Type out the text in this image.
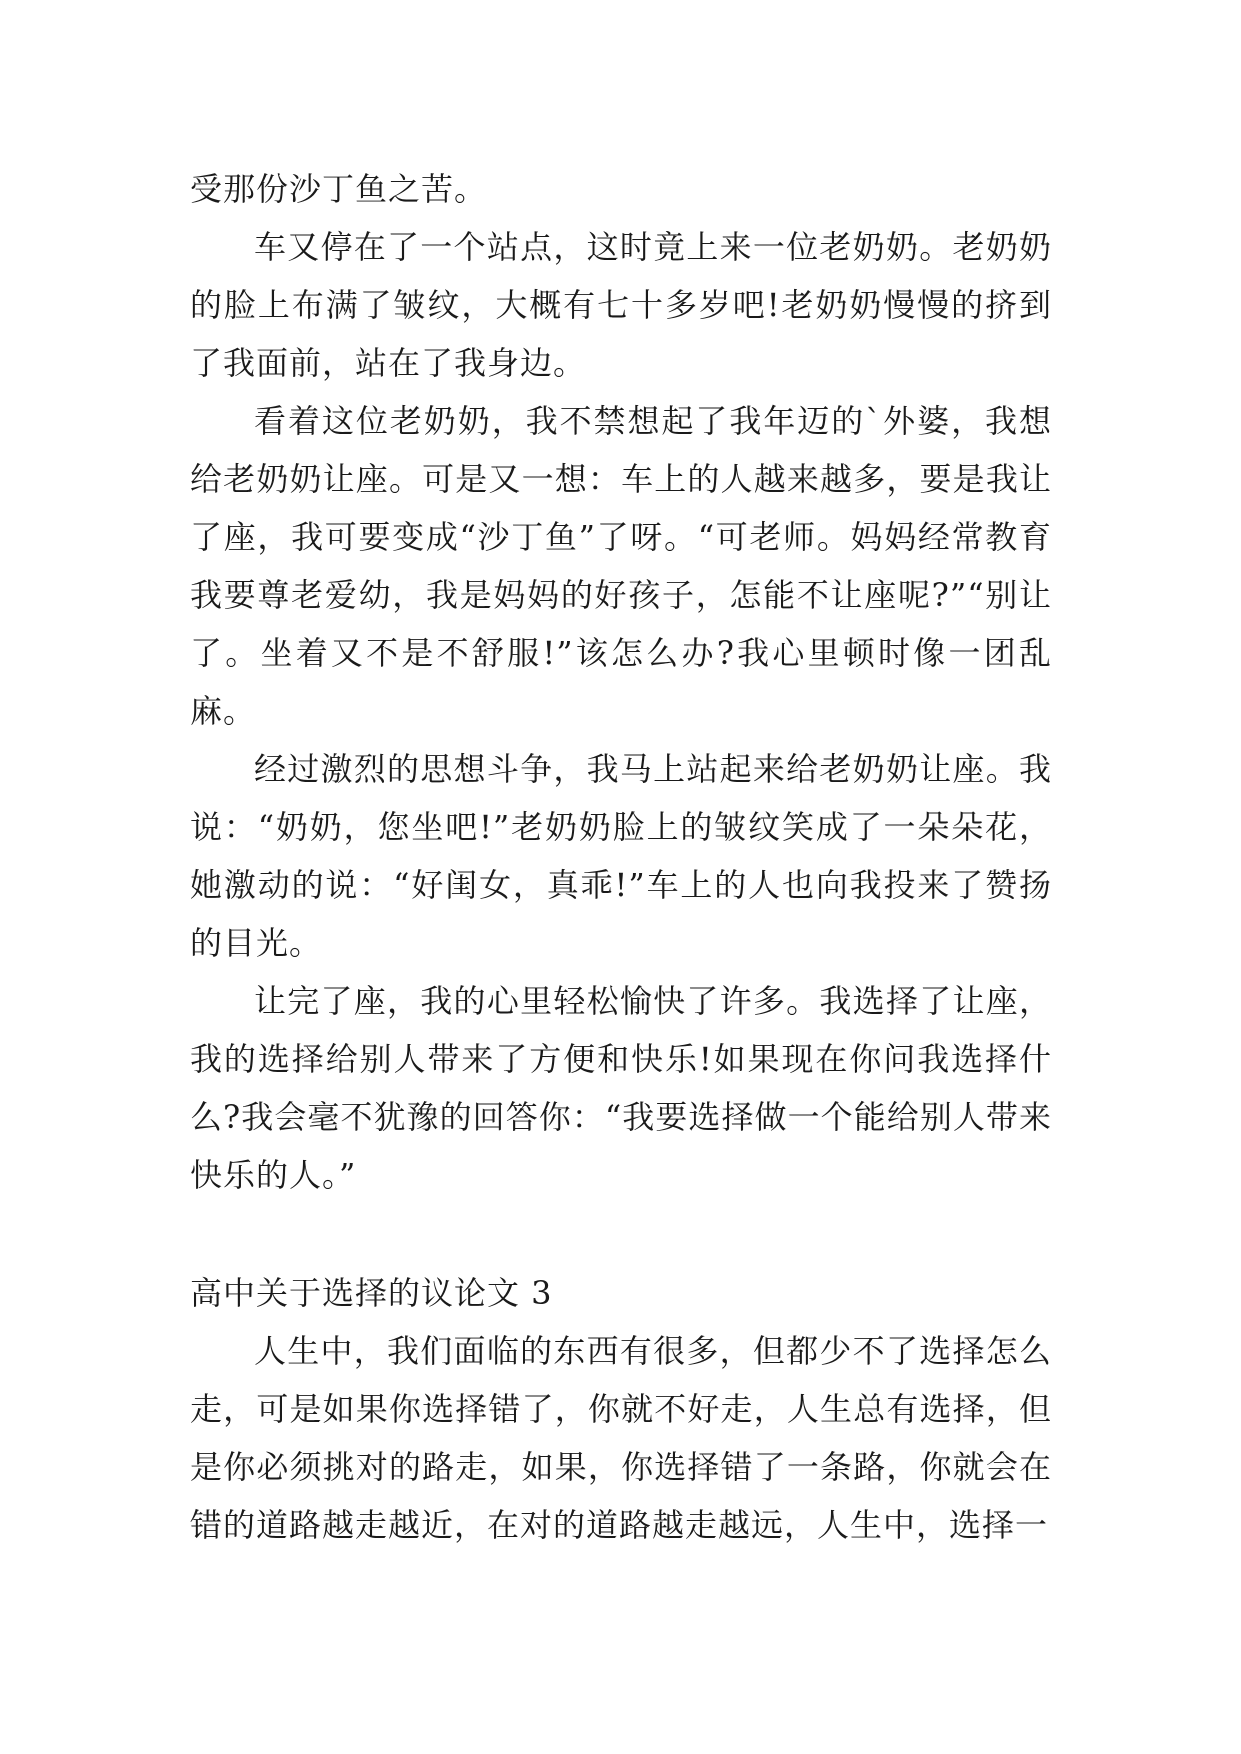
受那份沙丁鱼之苦。

车又停在了一个站点，这时竟上来一位老奶奶。老奶奶的脸上布满了皱纹，大概有七十多岁吧!老奶奶慢慢的挤到了我面前，站在了我身边。

看着这位老奶奶，我不禁想起了我年迈的`外婆，我想给老奶奶让座。可是又一想：车上的人越来越多，要是我让了座，我可要变成“沙丁鱼”了呀。“可老师。妈妈经常教育我要尊老爱幼，我是妈妈的好孩子，怎能不让座呢?”“别让了。坐着又不是不舒服!”该怎么办?我心里顿时像一团乱麻。

经过激烈的思想斗争，我马上站起来给老奶奶让座。我说：“奶奶，您坐吧!”老奶奶脸上的皱纹笑成了一朵朵花，她激动的说：“好闺女，真乖!”车上的人也向我投来了赞扬的目光。

让完了座，我的心里轻松愉快了许多。我选择了让座，我的选择给别人带来了方便和快乐!如果现在你问我选择什么?我会毫不犹豫的回答你：“我要选择做一个能给别人带来快乐的人。”

高中关于选择的议论文 3

人生中，我们面临的东西有很多，但都少不了选择怎么走，可是如果你选择错了，你就不好走，人生总有选择，但是你必须挑对的路走，如果，你选择错了一条路，你就会在错的道路越走越近，在对的道路越走越远，人生中，选择一
